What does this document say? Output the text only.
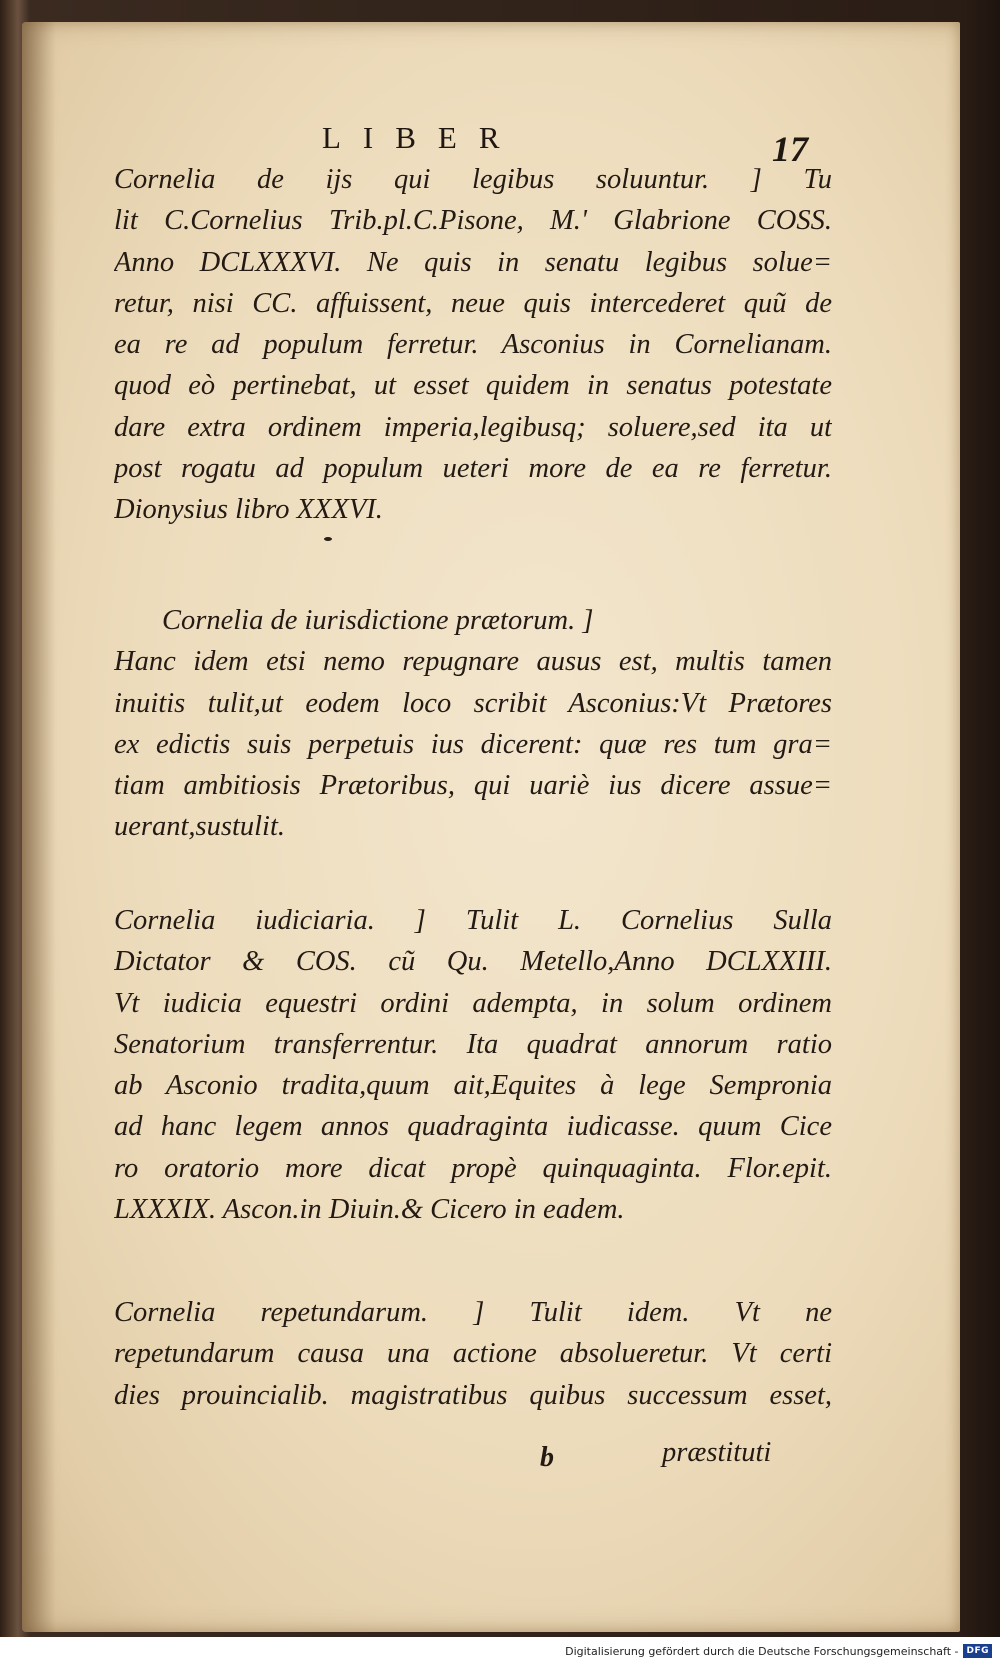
LIBER	17
Cornelia de ijs qui legibus soluuntur. ] Tu
lit C.Cornelius Trib.pl.C.Pisone, M.' Glabrione COSS.
Anno DCLXXXVI. Ne quis in senatu legibus solue=
retur, nisi CC. affuissent, neue quis intercederet quũ de
ea re ad populum ferretur. Asconius in Cornelianam.
quod eò pertinebat, ut esset quidem in senatus potestate
dare extra ordinem imperia,legibusq; soluere,sed ita ut
post rogatu ad populum ueteri more de ea re ferretur.
Dionysius libro XXXVI.
Cornelia de iurisdictione prætorum. ]
Hanc idem etsi nemo repugnare ausus est, multis tamen
inuitis tulit,ut eodem loco scribit Asconius:Vt Prætores
ex edictis suis perpetuis ius dicerent: quæ res tum gra=
tiam ambitiosis Prætoribus, qui uariè ius dicere assue=
uerant,sustulit.
Cornelia iudiciaria. ] Tulit L. Cornelius Sulla
Dictator & COS. cũ Qu. Metello,Anno DCLXXIII.
Vt iudicia equestri ordini adempta, in solum ordinem
Senatorium transferrentur. Ita quadrat annorum ratio
ab Asconio tradita,quum ait,Equites à lege Sempronia
ad hanc legem annos quadraginta iudicasse. quum Cice
ro oratorio more dicat propè quinquaginta. Flor.epit.
LXXXIX. Ascon.in Diuin.& Cicero in eadem.
Cornelia repetundarum. ] Tulit idem. Vt ne
repetundarum causa una actione absolueretur. Vt certi
dies prouincialib. magistratibus quibus successum esset,
b	præstituti
Digitalisierung gefördert durch die Deutsche Forschungsgemeinschaft - DFG
